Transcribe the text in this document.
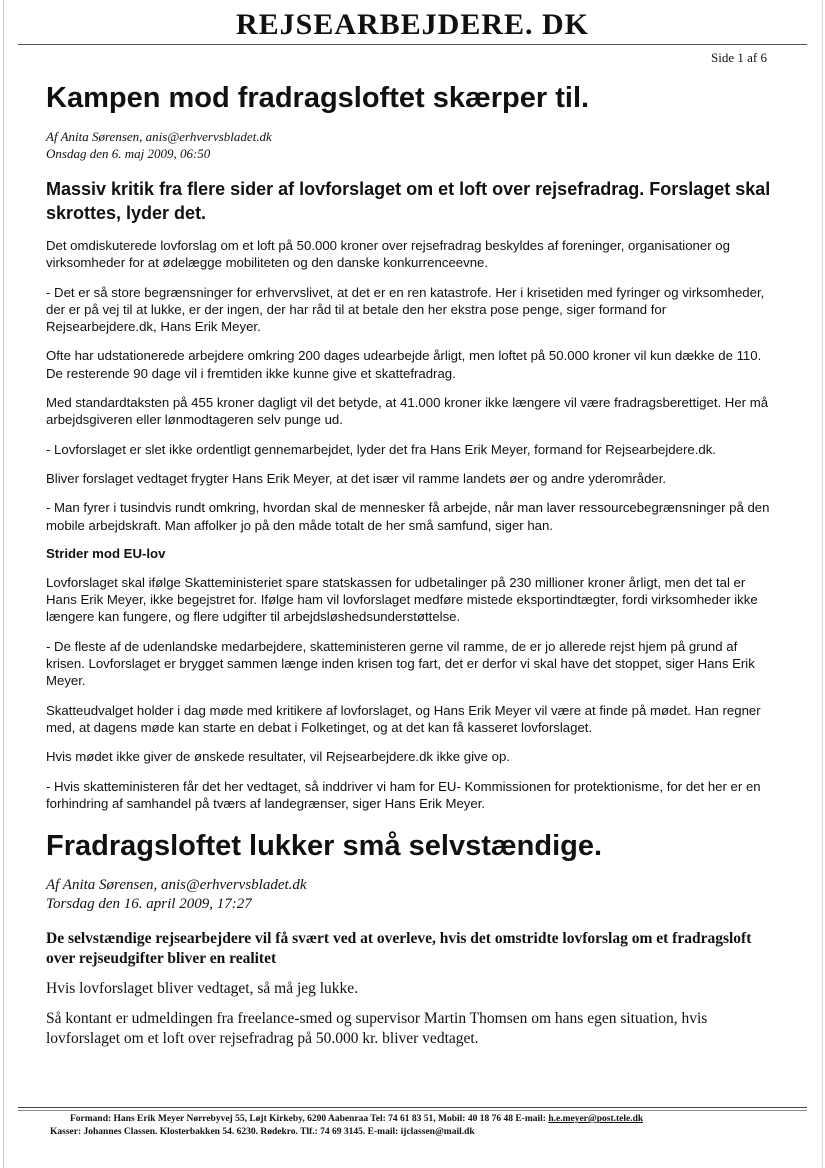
REJSEARBEJDERE. DK
Side 1 af 6
Kampen mod fradragsloftet skærper til.
Af Anita Sørensen, anis@erhvervsbladet.dk
Onsdag den 6. maj 2009, 06:50
Massiv kritik fra flere sider af lovforslaget om et loft over rejsefradrag. Forslaget skal skrottes, lyder det.

Det omdiskuterede lovforslag om et loft på 50.000 kroner over rejsefradrag beskyldes af foreninger, organisationer og virksomheder for at ødelægge mobiliteten og den danske konkurrenceevne.

- Det er så store begrænsninger for erhvervslivet, at det er en ren katastrofe. Her i krisetiden med fyringer og virksomheder, der er på vej til at lukke, er der ingen, der har råd til at betale den her ekstra pose penge, siger formand for Rejsearbejdere.dk, Hans Erik Meyer.

Ofte har udstationerede arbejdere omkring 200 dages udearbejde årligt, men loftet på 50.000 kroner vil kun dække de 110. De resterende 90 dage vil i fremtiden ikke kunne give et skattefradrag.

Med standardtaksten på 455 kroner dagligt vil det betyde, at 41.000 kroner ikke længere vil være fradragsberettiget. Her må arbejdsgiveren eller lønmodtageren selv punge ud.

- Lovforslaget er slet ikke ordentligt gennemarbejdet, lyder det fra Hans Erik Meyer, formand for Rejsearbejdere.dk.

Bliver forslaget vedtaget frygter Hans Erik Meyer, at det især vil ramme landets øer og andre yderområder.

- Man fyrer i tusindvis rundt omkring, hvordan skal de mennesker få arbejde, når man laver ressourcebegrænsninger på den mobile arbejdskraft. Man affolker jo på den måde totalt de her små samfund, siger han.

Strider mod EU-lov

Lovforslaget skal ifølge Skatteministeriet spare statskassen for udbetalinger på 230 millioner kroner årligt, men det tal er Hans Erik Meyer, ikke begejstret for. Ifølge ham vil lovforslaget medføre mistede eksportindtægter, fordi virksomheder ikke længere kan fungere, og flere udgifter til arbejdsløshedsunderstøttelse.

- De fleste af de udenlandske medarbejdere, skatteministeren gerne vil ramme, de er jo allerede rejst hjem på grund af krisen. Lovforslaget er brygget sammen længe inden krisen tog fart, det er derfor vi skal have det stoppet, siger Hans Erik Meyer.

Skatteudvalget holder i dag møde med kritikere af lovforslaget, og Hans Erik Meyer vil være at finde på mødet. Han regner med, at dagens møde kan starte en debat i Folketinget, og at det kan få kasseret lovforslaget.

Hvis mødet ikke giver de ønskede resultater, vil Rejsearbejdere.dk ikke give op.

- Hvis skatteministeren får det her vedtaget, så inddriver vi ham for EU- Kommissionen for protektionisme, for det her er en forhindring af samhandel på tværs af landegrænser, siger Hans Erik Meyer.

Fradragsloftet lukker små selvstændige.
Af Anita Sørensen, anis@erhvervsbladet.dk
Torsdag den 16. april 2009, 17:27
De selvstændige rejsearbejdere vil få svært ved at overleve, hvis det omstridte lovforslag om et fradragsloft over rejseudgifter bliver en realitet

Hvis lovforslaget bliver vedtaget, så må jeg lukke.

Så kontant er udmeldingen fra freelance-smed og supervisor Martin Thomsen om hans egen situation, hvis lovforslaget om et loft over rejsefradrag på 50.000 kr. bliver vedtaget.

Formand: Hans Erik Meyer Nørrebyvej 55, Løjt Kirkeby, 6200 Aabenraa Tel: 74 61 83 51, Mobil: 40 18 76 48 E-mail: h.e.meyer@post.tele.dk
Kasser: Johannes Classen. Klosterbakken 54. 6230. Rødekro. Tlf.: 74 69 3145. E-mail: ijclassen@mail.dk
